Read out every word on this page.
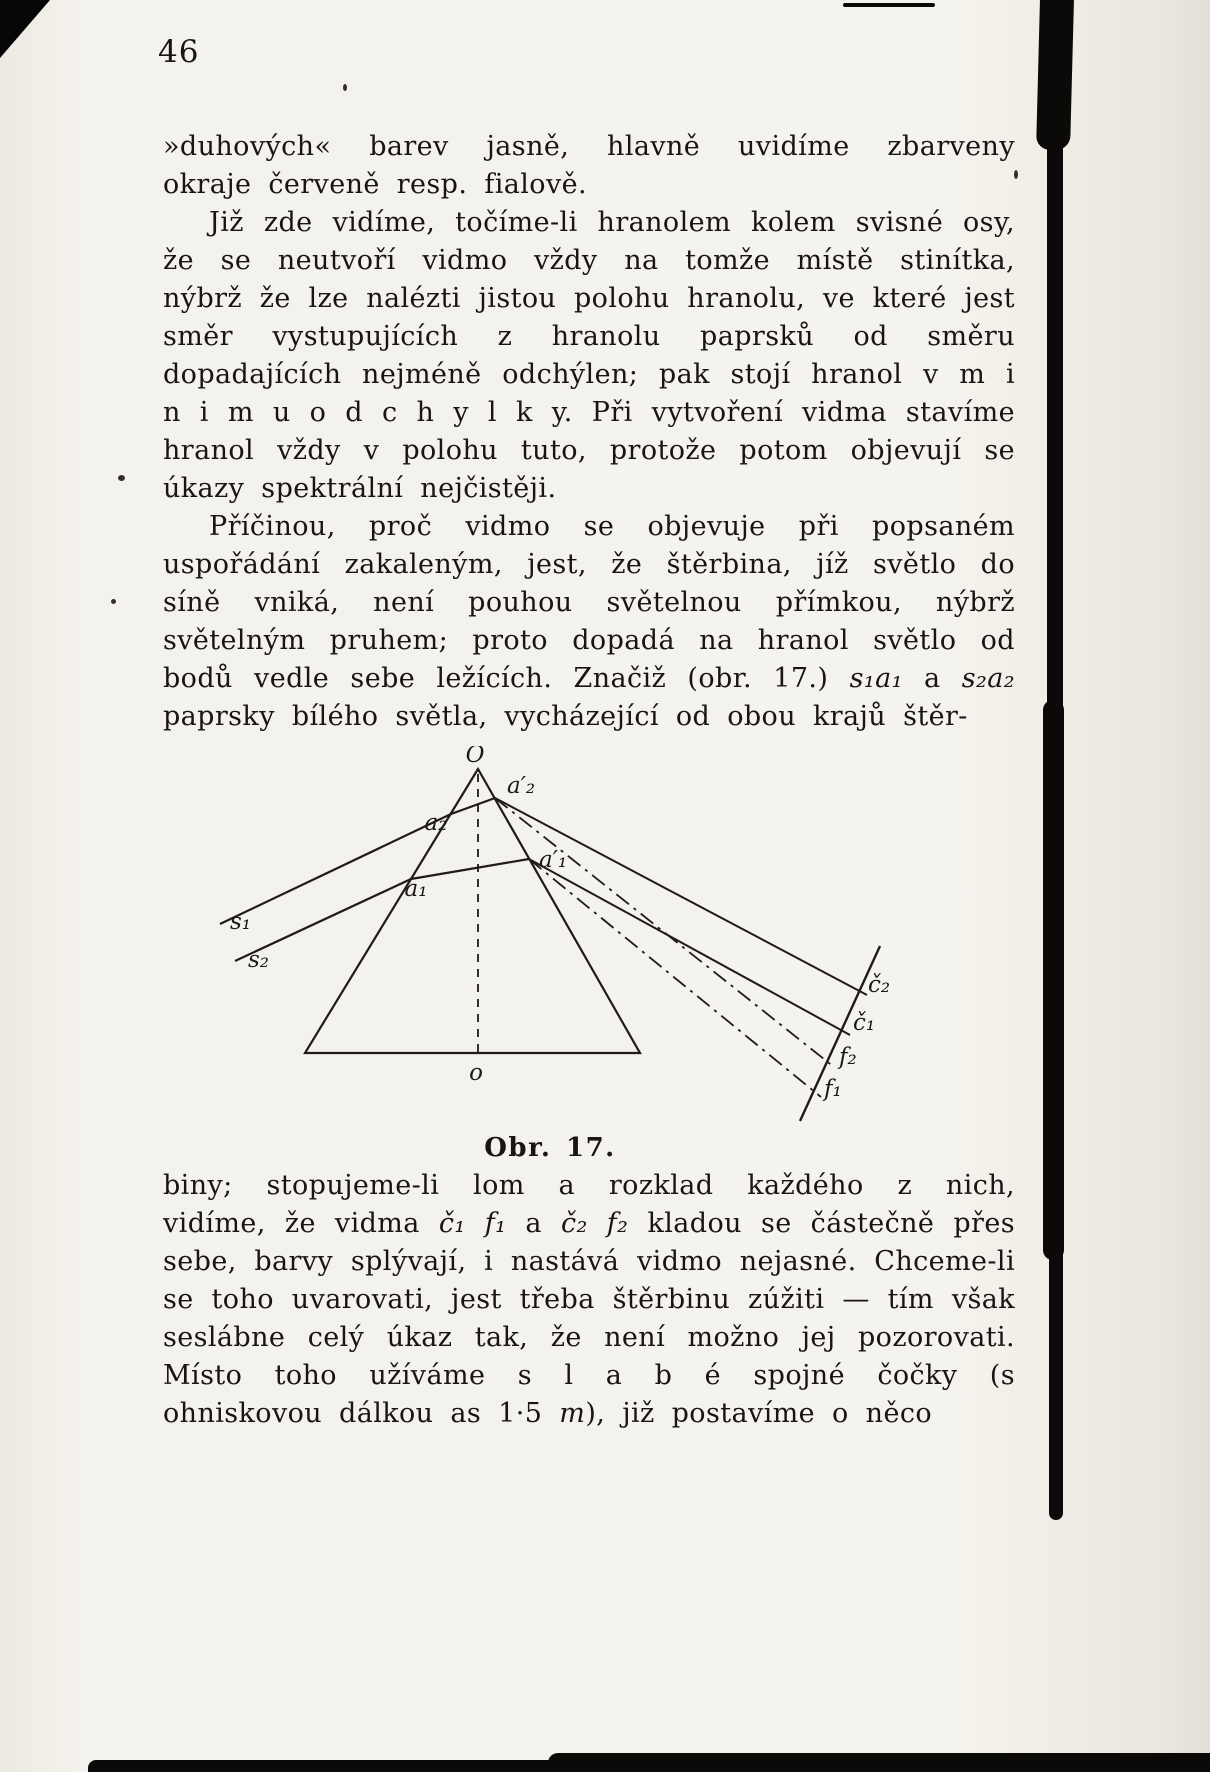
46

»duhových« barev jasně, hlavně uvidíme zbarveny okraje červeně resp. fialově.

Již zde vidíme, točíme-li hranolem kolem svisné osy, že se neutvoří vidmo vždy na tomže místě stinítka, nýbrž že lze nalézti jistou polohu hranolu, ve které jest směr vystupujících z hranolu paprsků od směru dopadajících nejméně odchýlen; pak stojí hranol v m i n i m u o d c h y l k y. Při vytvoření vidma stavíme hranol vždy v polohu tuto, protože potom objevují se úkazy spektrální nejčistěji.

Příčinou, proč vidmo se objevuje při popsaném uspořádání zakaleným, jest, že štěrbina, jíž světlo do síně vniká, není pouhou světelnou přímkou, nýbrž světelným pruhem; proto dopadá na hranol světlo od bodů vedle sebe ležících. Značiž (obr. 17.) s₁a₁ a s₂a₂ paprsky bílého světla, vycházející od obou krajů štěr-

O
o
s₁
s₂
a₂
a₁
a′₂
a′₁
č₂
č₁
f₂
f₁
Obr. 17.

biny; stopujeme-li lom a rozklad každého z nich, vidíme, že vidma č₁ f₁ a č₂ f₂ kladou se částečně přes sebe, barvy splývají, i nastává vidmo nejasné. Chceme-li se toho uvarovati, jest třeba štěrbinu zúžiti — tím však seslábne celý úkaz tak, že není možno jej pozorovati. Místo toho užíváme s l a b é spojné čočky (s ohniskovou dálkou as 1·5 m), již postavíme o něco
